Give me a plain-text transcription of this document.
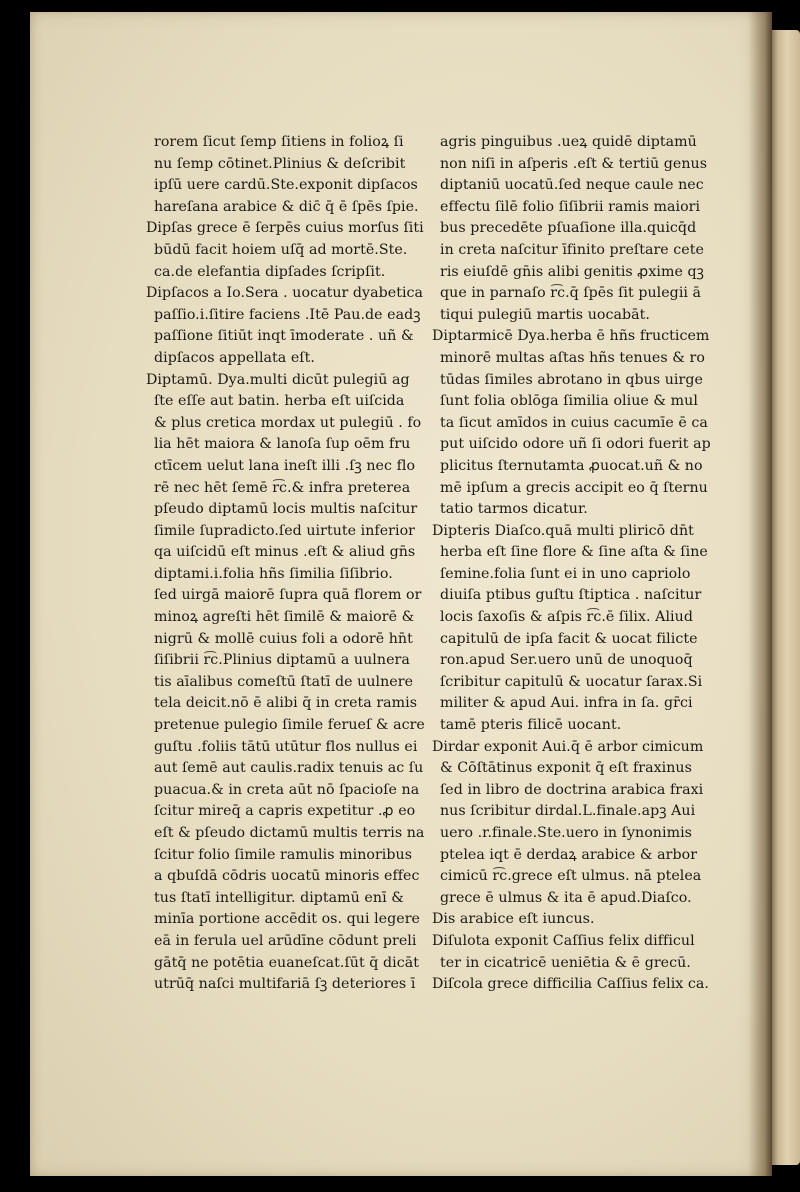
rorem ſicut ſemp ſitiens in folioꝝ ſi
nu ſemp cōtinet.Plinius & deſcribit
ipſū uere cardū.Ste.exponit dipſacos
hareſana arabice & dic̄ q̄ ē ſpēs ſpie.
Dipſas grece ē ſerpēs cuius morſus ſiti
būdū facit hoiem uſq̄ ad mortē.Ste.
ca.de elefantia dipſades ſcripſit.
Dipſacos a Io.Sera . uocatur dyabetica
paſſio.i.ſitire faciens .Itē Pau.de eadꝫ
paſſione ſitiūt inqt īmoderate . uñ &
dipſacos appellata eſt.
Diptamū. Dya.multi dicūt pulegiū ag
ſte eſſe aut batin. herba eſt uiſcida
& plus cretica mordax ut pulegiū . fo
lia hēt maiora & lanoſa ſup oēm fru
ctīcem uelut lana ineſt illi .ſꝫ nec flo
rē nec hēt ſemē r͡c.& infra preterea
pſeudo diptamū locis multis naſcitur
ſimile ſupradicto.ſed uirtute inferior
qa uiſcidū eſt minus .eſt & aliud gn̄s
diptami.i.folia hñs ſimilia ſiſibrio.
ſed uirgā maiorē ſupra quā florem or
minoꝝ agreſti hēt ſimilē & maiorē &
nigrū & mollē cuius foli a odorē hn̄t
ſiſibrii r͡c.Plinius diptamū a uulnera
tis aīalibus comeſtū ſtatī de uulnere
tela deicit.nō ē alibi q̄ in creta ramis
pretenue pulegio ſimile ferueſ & acre
guſtu .foliis tātū utūtur flos nullus ei
aut ſemē aut caulis.radix tenuis ac ſu
puacua.& in creta aūt nō ſpacioſe na
ſcitur mireq̄ a capris expetitur .ꝓ eo
eſt & pſeudo dictamū multis terris na
ſcitur folio ſimile ramulis minoribus
a qbuſdā cōdris uocatū minoris effec
tus ſtatī intelligitur. diptamū enī &
minīa portione accēdit os. qui legere
eā in ferula uel arūdīne cōdunt preli
gātq̄ ne potētia euaneſcat.ſūt q̄ dicāt
utrūq̄ naſci multifariā ſꝫ deteriores ī
agris pinguibus .ueꝝ quidē diptamū
non niſi in aſperis .eſt & tertiū genus
diptaniū uocatū.ſed neque caule nec
effectu ſilē folio ſiſibrii ramis maiori
bus precedēte pſuaſione illa.quicq̄d
in creta naſcitur īfinito preſtare cete
ris eiuſdē gn̄is alibi genitis ꝓxime qꝫ
que in parnaſo r͡c.q̄ ſpēs ſit pulegii ā
tiqui pulegiū martis uocabāt.
Diptarmicē Dya.herba ē hñs fructicem
minorē multas aſtas hñs tenues & ro
tūdas ſimiles abrotano in qbus uirge
ſunt folia oblōga ſimilia oliue & mul
ta ſicut amīdos in cuius cacumīe ē ca
put uiſcido odore uñ ſi odori fuerit ap
plicitus ſternutamta ꝓuocat.uñ & no
mē ipſum a grecis accipit eo q̄ ſternu
tatio tarmos dicatur.
Dipteris Diaſco.quā multi pliricō dn̄t
herba eſt ſine flore & ſine aſta & ſine
ſemine.folia ſunt ei in uno capriolo
diuiſa ptibus guſtu ſtiptica . naſcitur
locis ſaxoſis & aſpis r͡c.ē ſilix. Aliud
capitulū de ipſa facit & uocat filicte
ron.apud Ser.uero unū de unoquoq̄
ſcribitur capitulū & uocatur ſarax.Si
militer & apud Aui. infra in ſa. gr̄ci
tamē pteris filicē uocant.
Dirdar exponit Aui.q̄ ē arbor cimicum
& Cōſtātinus exponit q̄ eſt fraxinus
ſed in libro de doctrina arabica fraxi
nus ſcribitur dirdal.L.finale.apꝫ Aui
uero .r.finale.Ste.uero in ſynonimis
ptelea iqt ē derdaꝝ arabice & arbor
cimicū r͡c.grece eſt ulmus. nā ptelea
grece ē ulmus & ita ē apud.Diaſco.
Dis arabice eſt iuncus.
Diſulota exponit Caſſius felix difficul
ter in cicatricē ueniētia & ē grecū.
Diſcola grece difficilia Caſſius felix ca.
